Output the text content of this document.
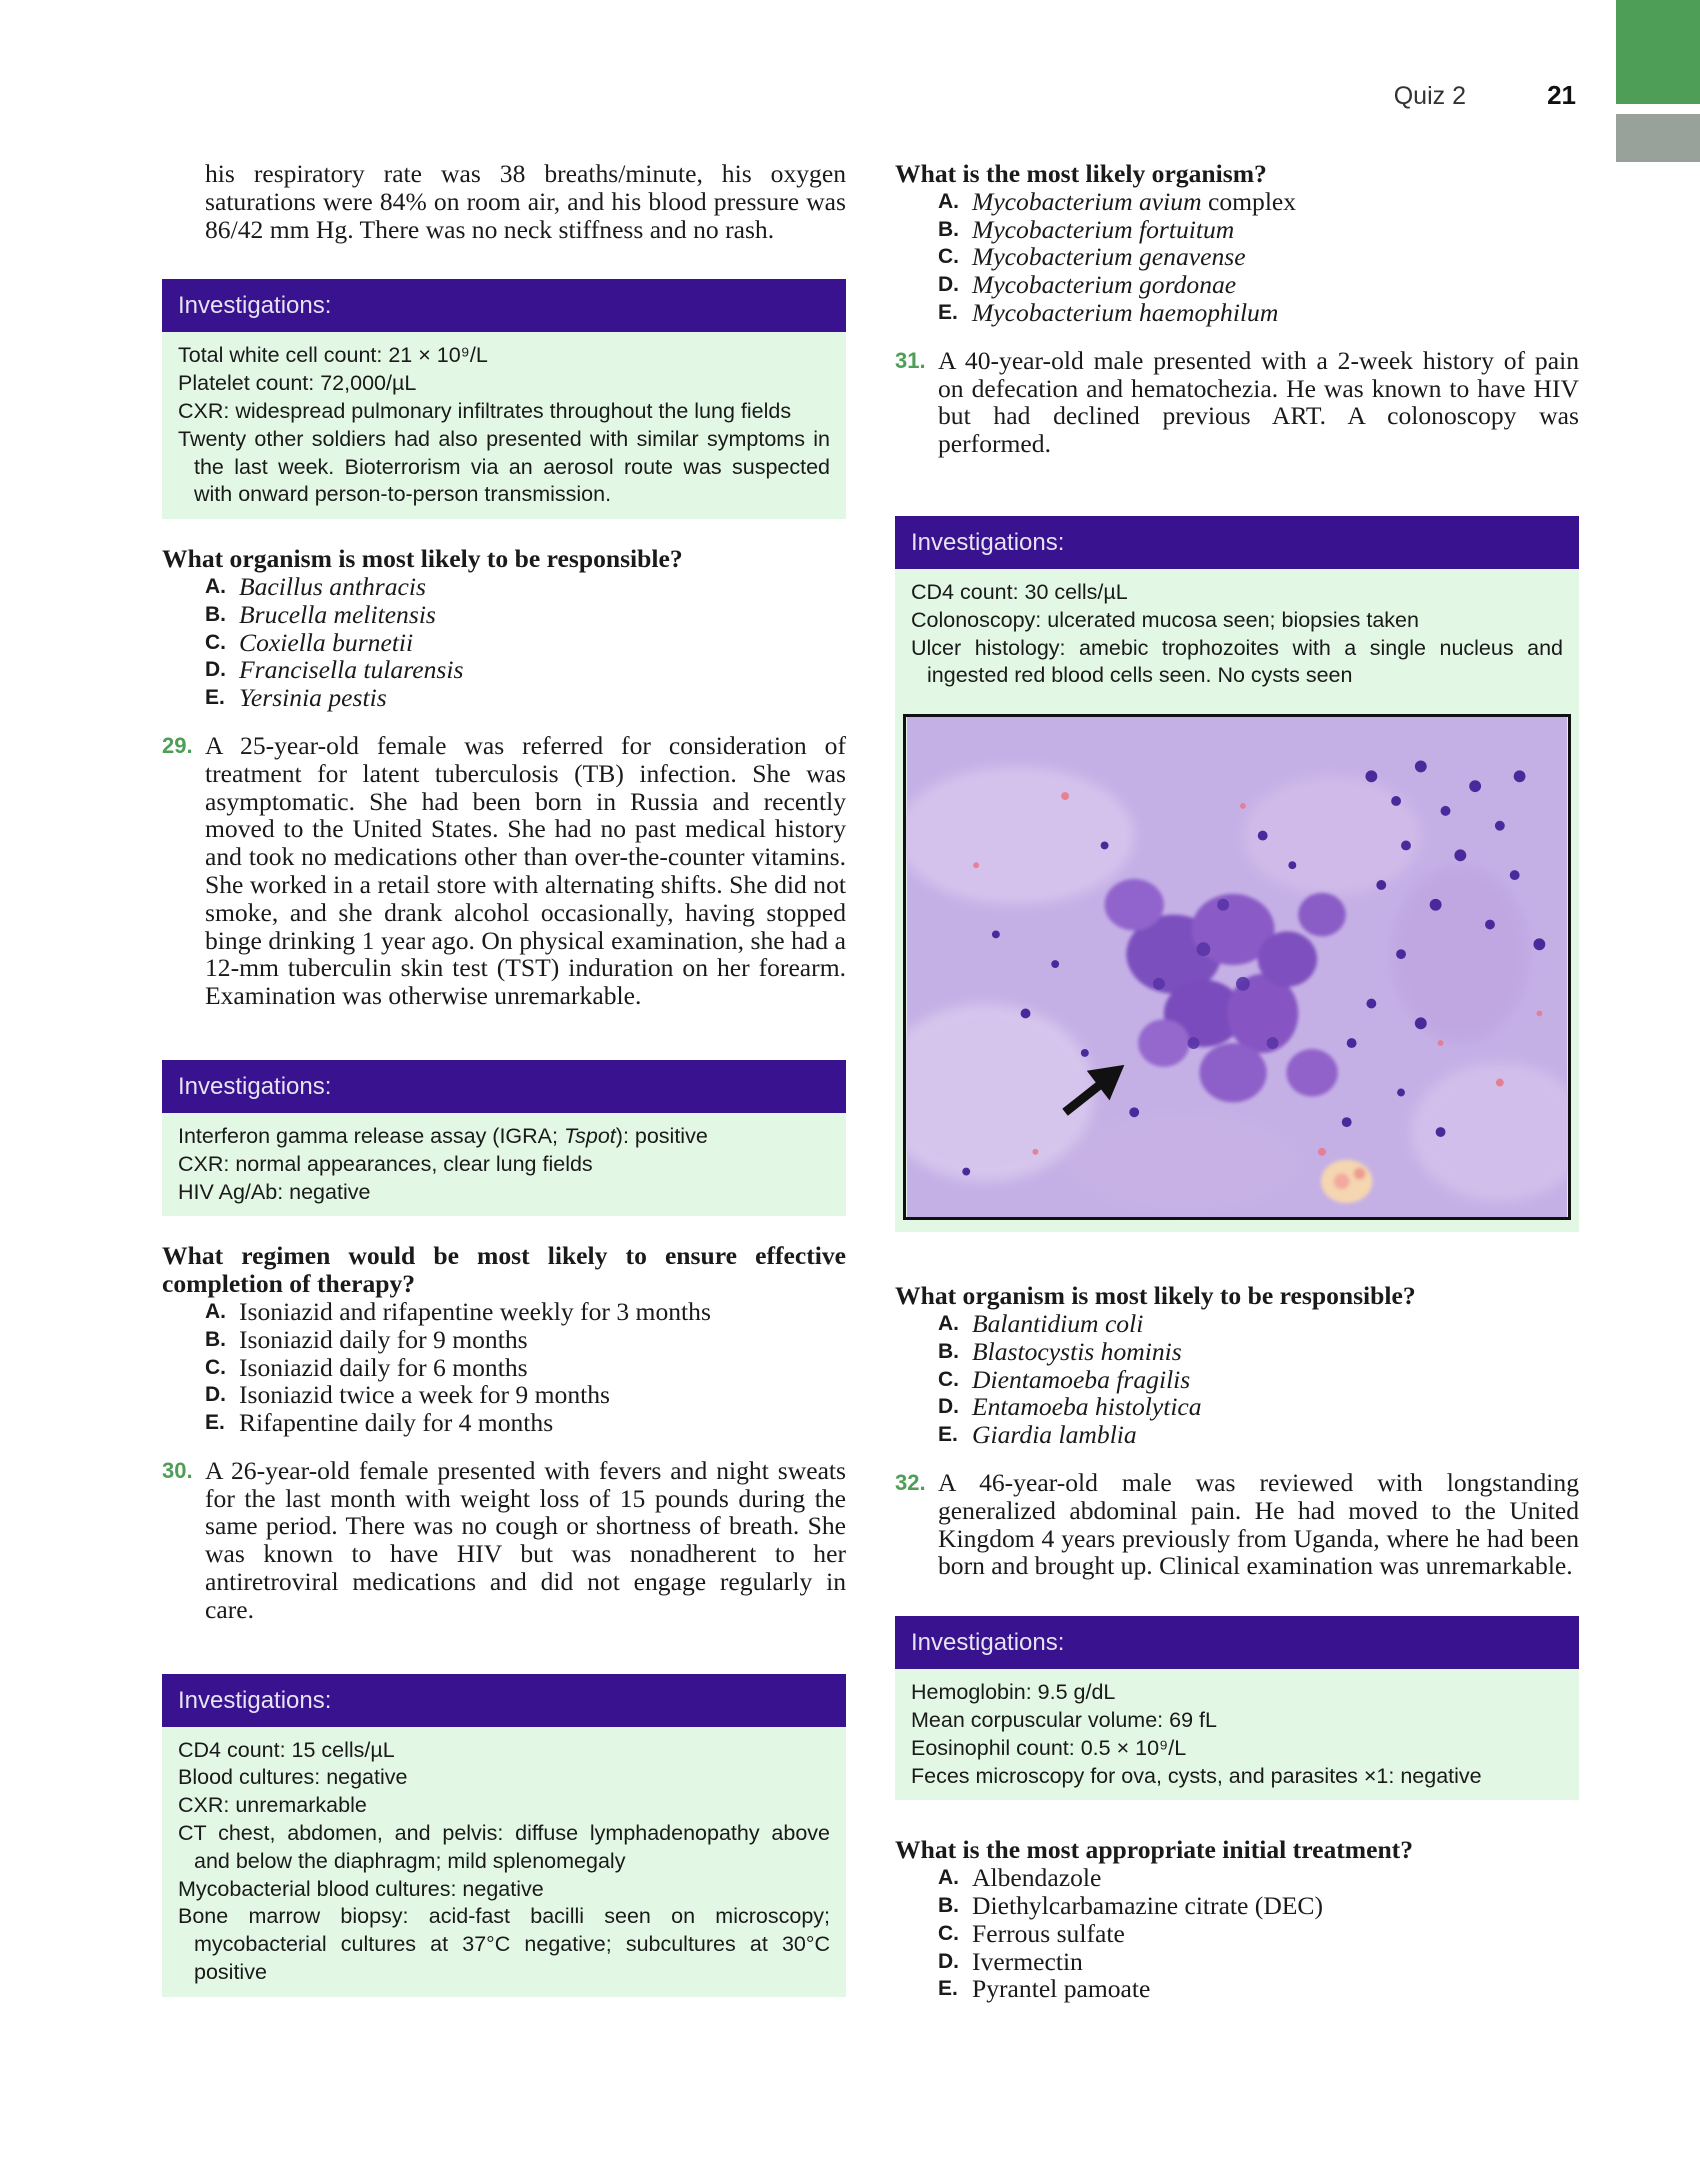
Quiz 2	21

his respiratory rate was 38 breaths/minute, his oxygen saturations were 84% on room air, and his blood pressure was 86/42 mm Hg. There was no neck stiffness and no rash.

Investigations:
Total white cell count: 21 × 10⁹/L
Platelet count: 72,000/µL
CXR: widespread pulmonary infiltrates throughout the lung fields
Twenty other soldiers had also presented with similar symptoms in the last week. Bioterrorism via an aerosol route was suspected with onward person-to-person transmission.

What organism is most likely to be responsible?

A. Bacillus anthracis
B. Brucella melitensis
C. Coxiella burnetii
D. Francisella tularensis
E. Yersinia pestis
29. A 25-year-old female was referred for consideration of treatment for latent tuberculosis (TB) infection. She was asymptomatic. She had been born in Russia and recently moved to the United States. She had no past medical history and took no medications other than over-the-counter vitamins. She worked in a retail store with alternating shifts. She did not smoke, and she drank alcohol occasionally, having stopped binge drinking 1 year ago. On physical examination, she had a 12-mm tuberculin skin test (TST) induration on her forearm. Examination was otherwise unremarkable.
Investigations:
Interferon gamma release assay (IGRA; Tspot): positive
CXR: normal appearances, clear lung fields
HIV Ag/Ab: negative

What regimen would be most likely to ensure effective completion of therapy?

A. Isoniazid and rifapentine weekly for 3 months
B. Isoniazid daily for 9 months
C. Isoniazid daily for 6 months
D. Isoniazid twice a week for 9 months
E. Rifapentine daily for 4 months
30. A 26-year-old female presented with fevers and night sweats for the last month with weight loss of 15 pounds during the same period. There was no cough or shortness of breath. She was known to have HIV but was nonadherent to her antiretroviral medications and did not engage regularly in care.
Investigations:
CD4 count: 15 cells/µL
Blood cultures: negative
CXR: unremarkable
CT chest, abdomen, and pelvis: diffuse lymphadenopathy above and below the diaphragm; mild splenomegaly
Mycobacterial blood cultures: negative
Bone marrow biopsy: acid-fast bacilli seen on microscopy; mycobacterial cultures at 37°C negative; subcultures at 30°C positive

What is the most likely organism?

A. Mycobacterium avium complex
B. Mycobacterium fortuitum
C. Mycobacterium genavense
D. Mycobacterium gordonae
E. Mycobacterium haemophilum
31. A 40-year-old male presented with a 2-week history of pain on defecation and hematochezia. He was known to have HIV but had declined previous ART. A colonoscopy was performed.
Investigations:
CD4 count: 30 cells/µL
Colonoscopy: ulcerated mucosa seen; biopsies taken
Ulcer histology: amebic trophozoites with a single nucleus and ingested red blood cells seen. No cysts seen

What organism is most likely to be responsible?

A. Balantidium coli
B. Blastocystis hominis
C. Dientamoeba fragilis
D. Entamoeba histolytica
E. Giardia lamblia
32. A 46-year-old male was reviewed with longstanding generalized abdominal pain. He had moved to the United Kingdom 4 years previously from Uganda, where he had been born and brought up. Clinical examination was unremarkable.
Investigations:
Hemoglobin: 9.5 g/dL
Mean corpuscular volume: 69 fL
Eosinophil count: 0.5 × 10⁹/L
Feces microscopy for ova, cysts, and parasites ×1: negative

What is the most appropriate initial treatment?

A. Albendazole
B. Diethylcarbamazine citrate (DEC)
C. Ferrous sulfate
D. Ivermectin
E. Pyrantel pamoate
